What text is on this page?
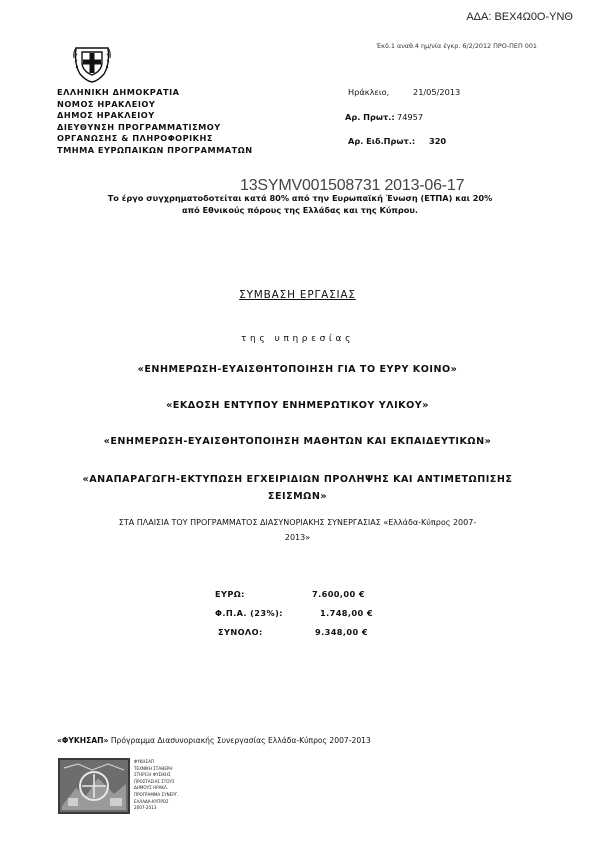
ΑΔΑ: ΒΕΧ4Ω0Ο-ΥΝΘ
Έκδ.1 αναθ.4 ημ/νία έγκρ. 6/2/2012 ΠΡΟ-ΠΕΠ 001
ΕΛΛΗΝΙΚΗ ΔΗΜΟΚΡΑΤΙΑ
ΝΟΜΟΣ ΗΡΑΚΛΕΙΟΥ
ΔΗΜΟΣ ΗΡΑΚΛΕΙΟΥ
ΔΙΕΥΘΥΝΣΗ ΠΡΟΓΡΑΜΜΑΤΙΣΜΟΥ
ΟΡΓΑΝΩΣΗΣ & ΠΛΗΡΟΦΟΡΙΚΗΣ
ΤΜΗΜΑ ΕΥΡΩΠΑΙΚΩΝ ΠΡΟΓΡΑΜΜΑΤΩΝ
Ηράκλειο,	21/05/2013
Αρ. Πρωτ.: 74957
Αρ. Ειδ.Πρωτ.: 320
Το έργο συγχρηματοδοτείται κατά 80% από την Ευρωπαϊκή Ένωση (ΕΤΠΑ) και 20%
από Εθνικούς πόρους της Ελλάδας και της Κύπρου.
13SYMV001508731 2013-06-17
ΣΥΜΒΑΣΗ ΕΡΓΑΣΙΑΣ
της υπηρεσίας
«ΕΝΗΜΕΡΩΣΗ-ΕΥΑΙΣΘΗΤΟΠΟΙΗΣΗ ΓΙΑ ΤΟ ΕΥΡΥ ΚΟΙΝΟ»
«ΕΚΔΟΣΗ ΕΝΤΥΠΟΥ ΕΝΗΜΕΡΩΤΙΚΟΥ ΥΛΙΚΟΥ»
«ΕΝΗΜΕΡΩΣΗ-ΕΥΑΙΣΘΗΤΟΠΟΙΗΣΗ ΜΑΘΗΤΩΝ ΚΑΙ ΕΚΠΑΙΔΕΥΤΙΚΩΝ»
«ΑΝΑΠΑΡΑΓΩΓΗ-ΕΚΤΥΠΩΣΗ ΕΓΧΕΙΡΙΔΙΩΝ ΠΡΟΛΗΨΗΣ ΚΑΙ ΑΝΤΙΜΕΤΩΠΙΣΗΣ ΣΕΙΣΜΩΝ»
ΣΤΑ ΠΛΑΙΣΙΑ ΤΟΥ ΠΡΟΓΡΑΜΜΑΤΟΣ ΔΙΑΣΥΝΟΡΙΑΚΗΣ ΣΥΝΕΡΓΑΣΙΑΣ «Ελλάδα-Κύπρος 2007-
2013»
ΕΥΡΩ:	7.600,00 €
Φ.Π.Α. (23%):	1.748,00 €
ΣΥΝΟΛΟ:	9.348,00 €
«ΦΥΚΗΣΑΠ» Πρόγραμμα Διασυνοριακής Συνεργασίας Ελλάδα-Κύπρος 2007-2013
ΦΥΚΗΣΑΠ
ΤΕΧΝΙΚΗ ΣΤΑΘΕΡΗ
ΣΤΗΡΙΞΗ ΦΥΣΙΚΗΣ
ΠΡΟΣΤΑΣΙΑΣ ΣΤΟΥΣ
ΔΗΜΟΥΣ ΗΡΑΚΛ.
ΠΡΟΓΡΑΜΜΑ ΣΥΝΕΡΓ.
ΕΛΛΑΔΑ-ΚΥΠΡΟΣ
2007-2013
